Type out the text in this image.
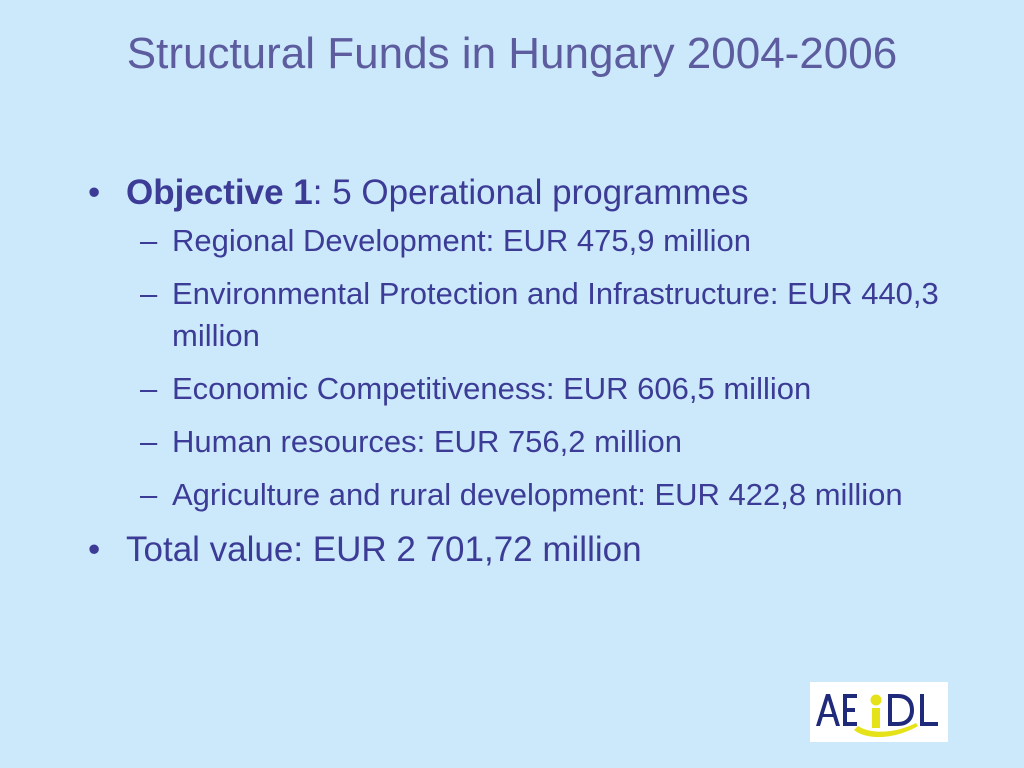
Structural Funds in Hungary 2004-2006
• Objective 1: 5 Operational programmes
– Regional Development: EUR 475,9 million
– Environmental Protection and Infrastructure: EUR 440,3 million
– Economic Competitiveness: EUR 606,5 million
– Human resources: EUR 756,2 million
– Agriculture and rural development: EUR 422,8 million
• Total value: EUR 2 701,72 million
